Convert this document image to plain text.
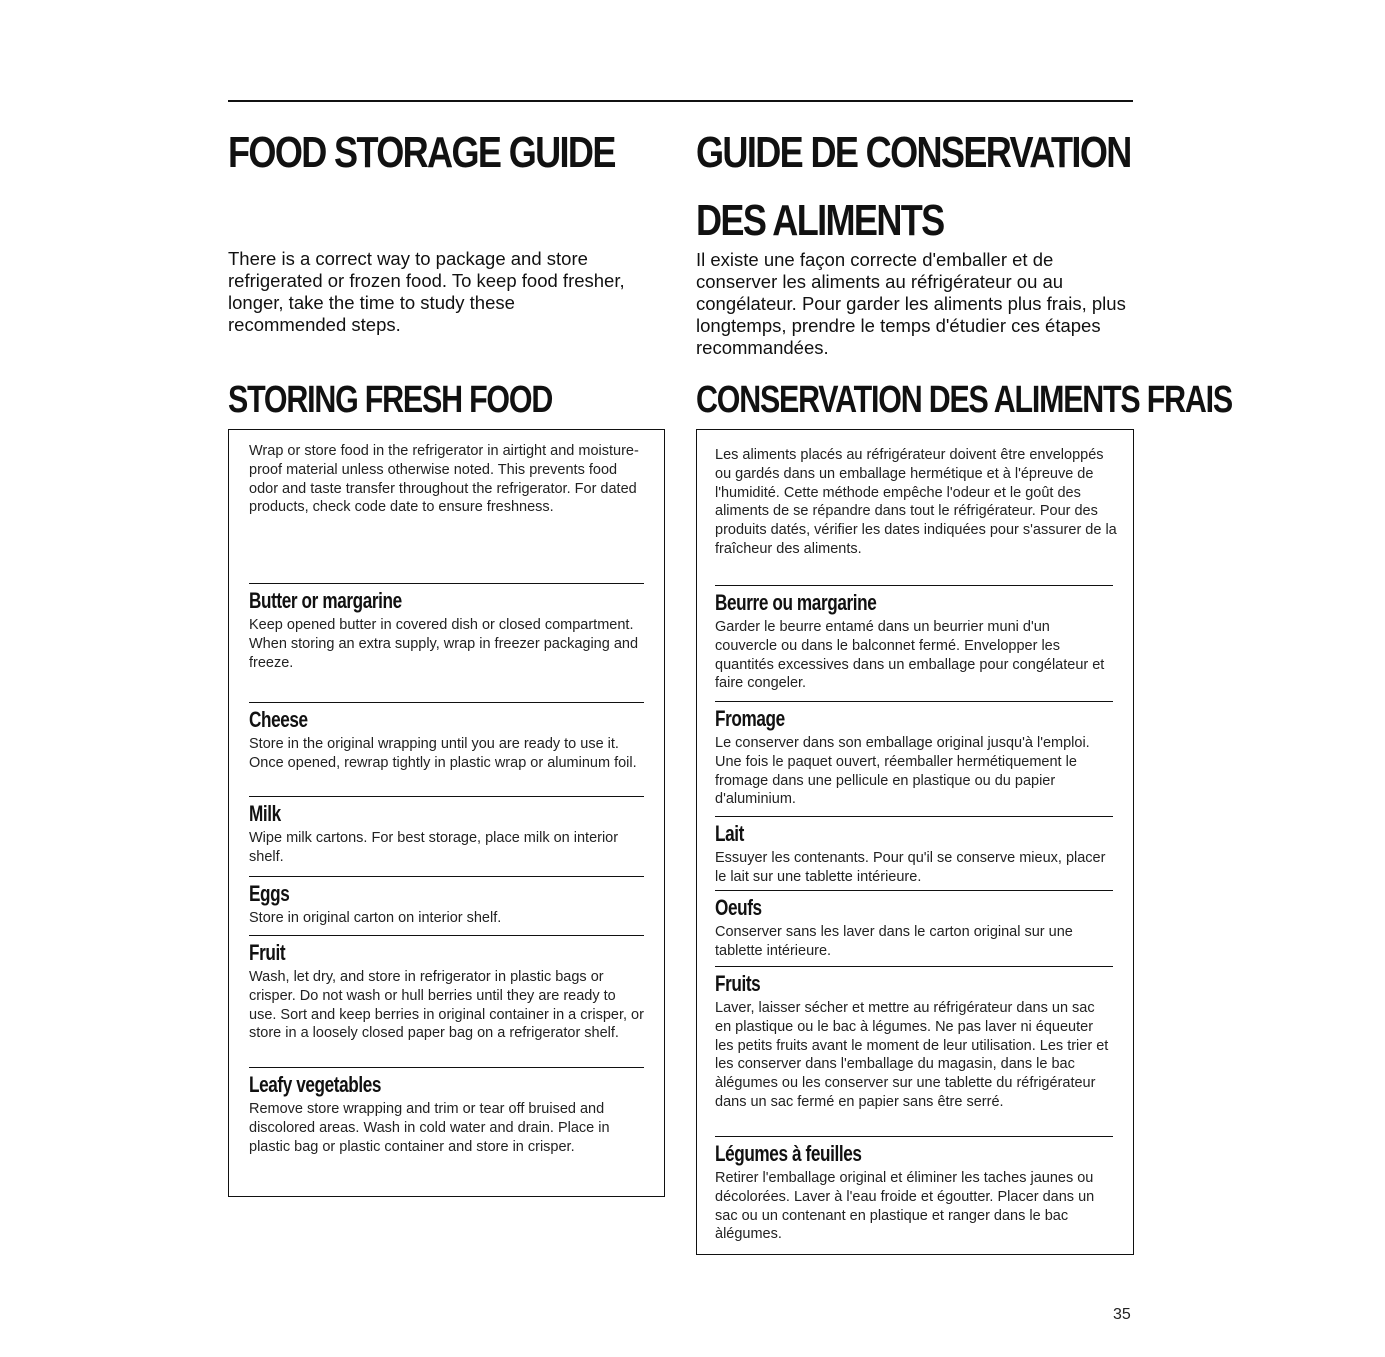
FOOD STORAGE GUIDE

There is a correct way to package and store refrigerated or frozen food. To keep food fresher, longer, take the time to study these recommended steps.

STORING FRESH FOOD

Wrap or store food in the refrigerator in airtight and moisture-proof material unless otherwise noted. This prevents food odor and taste transfer throughout the refrigerator. For dated products, check code date to ensure freshness.

Butter or margarine

Keep opened butter in covered dish or closed compartment. When storing an extra supply, wrap in freezer packaging and freeze.

Cheese

Store in the original wrapping until you are ready to use it. Once opened, rewrap tightly in plastic wrap or aluminum foil.

Milk

Wipe milk cartons. For best storage, place milk on interior shelf.

Eggs

Store in original carton on interior shelf.

Fruit

Wash, let dry, and store in refrigerator in plastic bags or crisper. Do not wash or hull berries until they are ready to use. Sort and keep berries in original container in a crisper, or store in a loosely closed paper bag on a refrigerator shelf.

Leafy vegetables

Remove store wrapping and trim or tear off bruised and discolored areas. Wash in cold water and drain. Place in plastic bag or plastic container and store in crisper.

GUIDE DE CONSERVATION
DES ALIMENTS

Il existe une façon correcte d'emballer et de conserver les aliments au réfrigérateur ou au congélateur. Pour garder les aliments plus frais, plus longtemps, prendre le temps d'étudier ces étapes recommandées.

CONSERVATION DES ALIMENTS FRAIS

Les aliments placés au réfrigérateur doivent être enveloppés ou gardés dans un emballage hermétique et à l'épreuve de l'humidité. Cette méthode empêche l'odeur et le goût des aliments de se répandre dans tout le réfrigérateur. Pour des produits datés, vérifier les dates indiquées pour s'assurer de la fraîcheur des aliments.

Beurre ou margarine

Garder le beurre entamé dans un beurrier muni d'un couvercle ou dans le balconnet fermé. Envelopper les quantités excessives dans un emballage pour congélateur et faire congeler.

Fromage

Le conserver dans son emballage original jusqu'à l'emploi. Une fois le paquet ouvert, réemballer hermétiquement le fromage dans une pellicule en plastique ou du papier d'aluminium.

Lait

Essuyer les contenants. Pour qu'il se conserve mieux, placer le lait sur une tablette intérieure.

Oeufs

Conserver sans les laver dans le carton original sur une tablette intérieure.

Fruits

Laver, laisser sécher et mettre au réfrigérateur dans un sac en plastique ou le bac à légumes. Ne pas laver ni équeuter les petits fruits avant le moment de leur utilisation. Les trier et les conserver dans l'emballage du magasin, dans le bac àlégumes ou les conserver sur une tablette du réfrigérateur dans un sac fermé en papier sans être serré.

Légumes à feuilles

Retirer l'emballage original et éliminer les taches jaunes ou décolorées. Laver à l'eau froide et égoutter. Placer dans un sac ou un contenant en plastique et ranger dans le bac àlégumes.

35
